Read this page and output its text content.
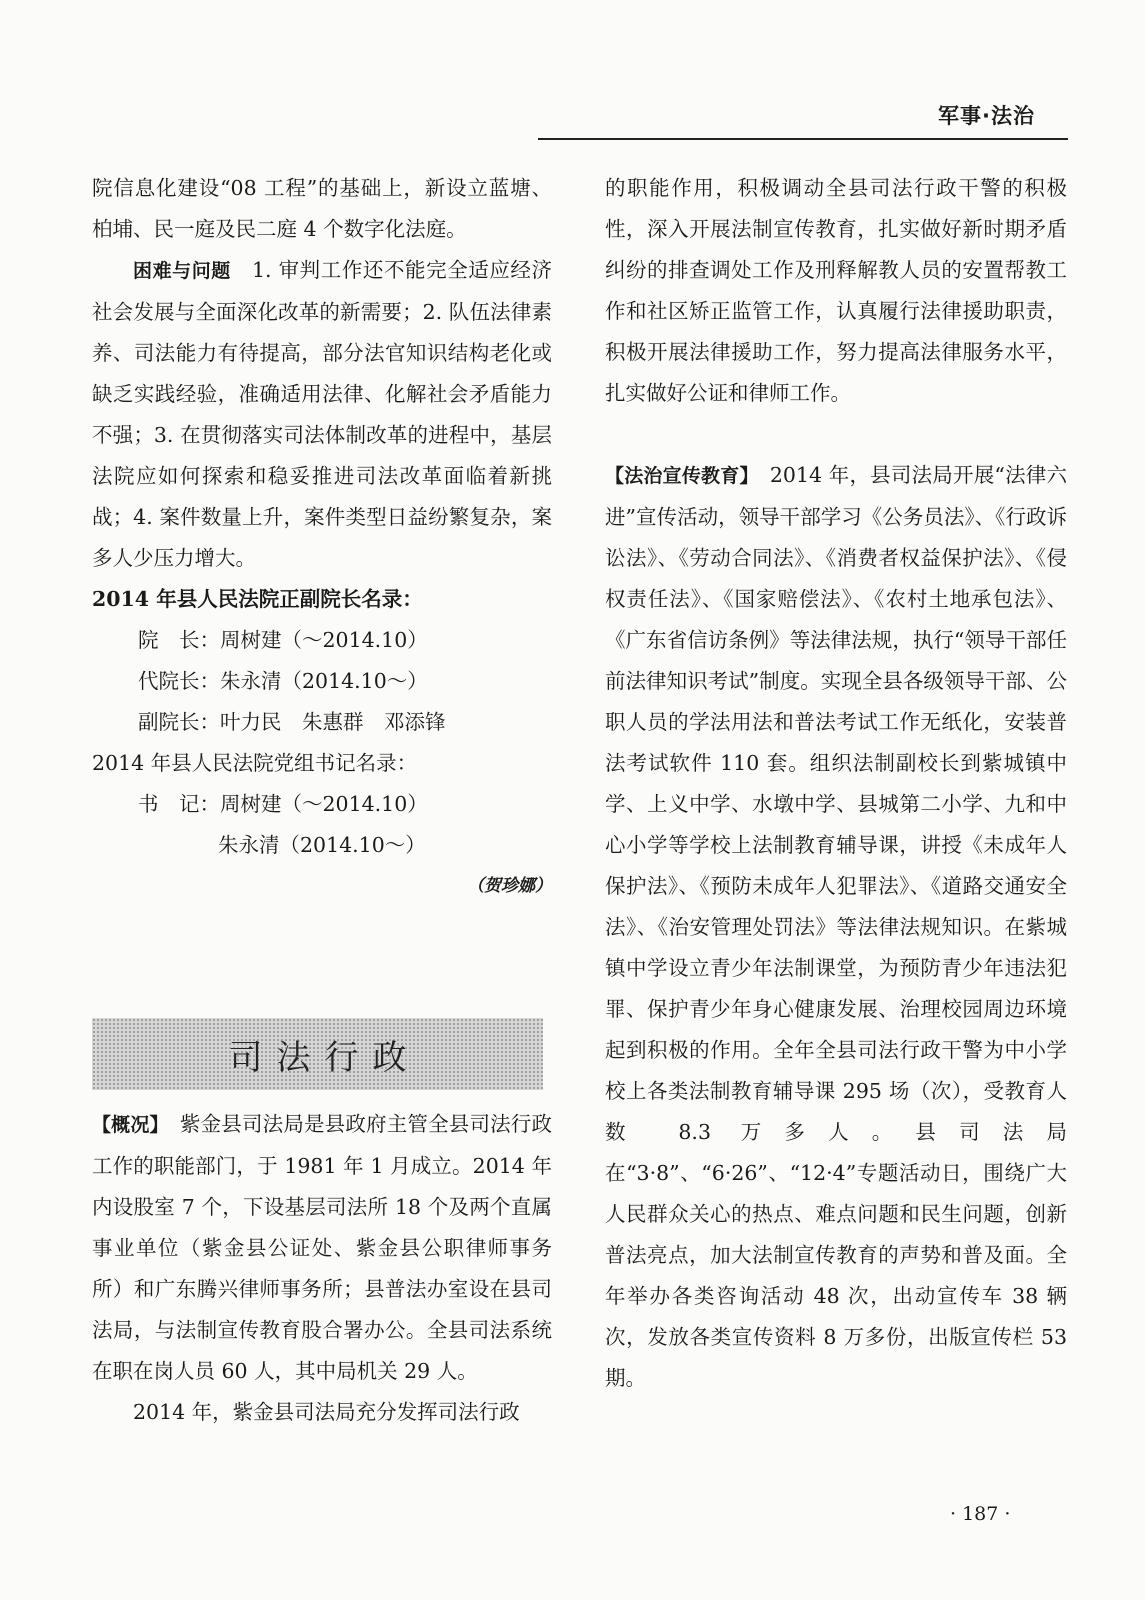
军事·法治

院信息化建设“08 工程”的基础上，新设立蓝塘、柏埔、民一庭及民二庭 4 个数字化法庭。

困难与问题　1. 审判工作还不能完全适应经济社会发展与全面深化改革的新需要；2. 队伍法律素养、司法能力有待提高，部分法官知识结构老化或缺乏实践经验，准确适用法律、化解社会矛盾能力不强；3. 在贯彻落实司法体制改革的进程中，基层法院应如何探索和稳妥推进司法改革面临着新挑战；4. 案件数量上升，案件类型日益纷繁复杂，案多人少压力增大。

2014 年县人民法院正副院长名录：

院　长：周树建（～2014.10）

代院长：朱永清（2014.10～）

副院长：叶力民　朱惠群　邓添锋

2014 年县人民法院党组书记名录：

书　记：周树建（～2014.10）

朱永清（2014.10～）

（贺珍娜）

司法行政

【概况】　紫金县司法局是县政府主管全县司法行政工作的职能部门，于 1981 年 1 月成立。2014 年内设股室 7 个，下设基层司法所 18 个及两个直属事业单位（紫金县公证处、紫金县公职律师事务所）和广东腾兴律师事务所；县普法办室设在县司法局，与法制宣传教育股合署办公。全县司法系统在职在岗人员 60 人，其中局机关 29 人。

2014 年，紫金县司法局充分发挥司法行政

的职能作用，积极调动全县司法行政干警的积极性，深入开展法制宣传教育，扎实做好新时期矛盾纠纷的排查调处工作及刑释解教人员的安置帮教工作和社区矫正监管工作，认真履行法律援助职责，积极开展法律援助工作，努力提高法律服务水平，扎实做好公证和律师工作。

【法治宣传教育】　2014 年，县司法局开展“法律六进”宣传活动，领导干部学习《公务员法》、《行政诉讼法》、《劳动合同法》、《消费者权益保护法》、《侵权责任法》、《国家赔偿法》、《农村土地承包法》、《广东省信访条例》等法律法规，执行“领导干部任前法律知识考试”制度。实现全县各级领导干部、公职人员的学法用法和普法考试工作无纸化，安装普法考试软件 110 套。组织法制副校长到紫城镇中学、上义中学、水墩中学、县城第二小学、九和中心小学等学校上法制教育辅导课，讲授《未成年人保护法》、《预防未成年人犯罪法》、《道路交通安全法》、《治安管理处罚法》等法律法规知识。在紫城镇中学设立青少年法制课堂，为预防青少年违法犯罪、保护青少年身心健康发展、治理校园周边环境起到积极的作用。全年全县司法行政干警为中小学校上各类法制教育辅导课 295 场（次），受教育人数 8.3 万多人。县司法局在“3·8”、“6·26”、“12·4”专题活动日，围绕广大人民群众关心的热点、难点问题和民生问题，创新普法亮点，加大法制宣传教育的声势和普及面。全年举办各类咨询活动 48 次，出动宣传车 38 辆次，发放各类宣传资料 8 万多份，出版宣传栏 53 期。

· 187 ·
